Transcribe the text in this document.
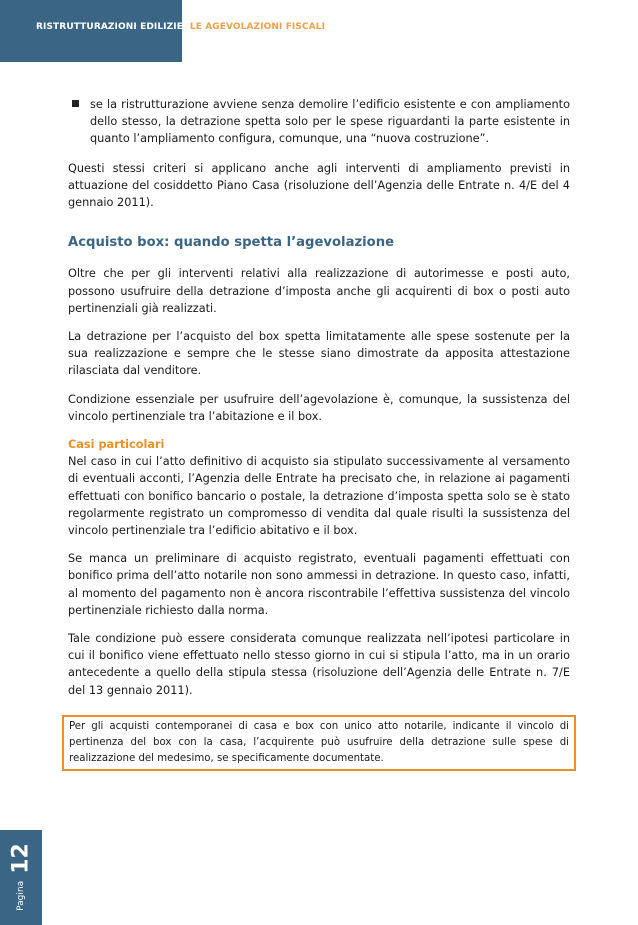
RISTRUTTURAZIONI EDILIZIE: LE AGEVOLAZIONI FISCALI
se la ristrutturazione avviene senza demolire l’edificio esistente e con ampliamento dello stesso, la detrazione spetta solo per le spese riguardanti la parte esistente in quanto l’ampliamento configura, comunque, una “nuova costruzione”.

Questi stessi criteri si applicano anche agli interventi di ampliamento previsti in attuazione del cosiddetto Piano Casa (risoluzione dell’Agenzia delle Entrate n. 4/E del 4 gennaio 2011).

Acquisto box: quando spetta l’agevolazione

Oltre che per gli interventi relativi alla realizzazione di autorimesse e posti auto, possono usufruire della detrazione d’imposta anche gli acquirenti di box o posti auto pertinenziali già realizzati.

La detrazione per l’acquisto del box spetta limitatamente alle spese sostenute per la sua realizzazione e sempre che le stesse siano dimostrate da apposita attestazione rilasciata dal venditore.

Condizione essenziale per usufruire dell’agevolazione è, comunque, la sussistenza del vincolo pertinenziale tra l’abitazione e il box.

Casi particolari

Nel caso in cui l’atto definitivo di acquisto sia stipulato successivamente al versamento di eventuali acconti, l’Agenzia delle Entrate ha precisato che, in relazione ai pagamenti effettuati con bonifico bancario o postale, la detrazione d’imposta spetta solo se è stato regolarmente registrato un compromesso di vendita dal quale risulti la sussistenza del vincolo pertinenziale tra l’edificio abitativo e il box.

Se manca un preliminare di acquisto registrato, eventuali pagamenti effettuati con bonifico prima dell’atto notarile non sono ammessi in detrazione. In questo caso, infatti, al momento del pagamento non è ancora riscontrabile l’effettiva sussistenza del vincolo pertinenziale richiesto dalla norma.

Tale condizione può essere considerata comunque realizzata nell’ipotesi particolare in cui il bonifico viene effettuato nello stesso giorno in cui si stipula l’atto, ma in un orario antecedente a quello della stipula stessa (risoluzione dell’Agenzia delle Entrate n. 7/E del 13 gennaio 2011).

Per gli acquisti contemporanei di casa e box con unico atto notarile, indicante il vincolo di pertinenza del box con la casa, l’acquirente può usufruire della detrazione sulle spese di realizzazione del medesimo, se specificamente documentate.
Pagina 12
